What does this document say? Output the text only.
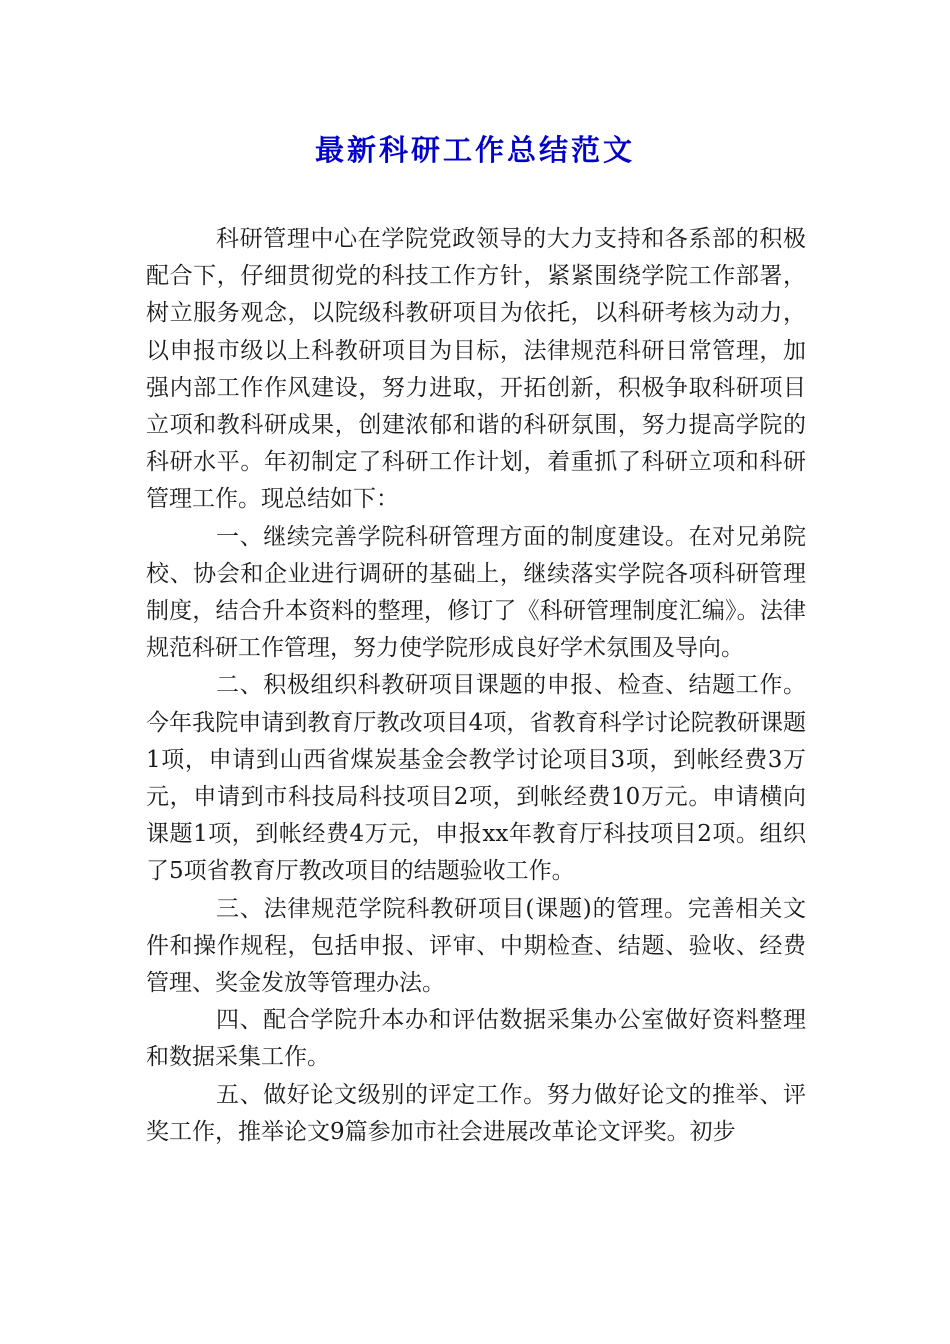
最新科研工作总结范文

科研管理中心在学院党政领导的大力支持和各系部的积极配合下，仔细贯彻党的科技工作方针，紧紧围绕学院工作部署，树立服务观念，以院级科教研项目为依托，以科研考核为动力，以申报市级以上科教研项目为目标，法律规范科研日常管理，加强内部工作作风建设，努力进取，开拓创新，积极争取科研项目立项和教科研成果，创建浓郁和谐的科研氛围，努力提高学院的科研水平。年初制定了科研工作计划，着重抓了科研立项和科研管理工作。现总结如下：

一、继续完善学院科研管理方面的制度建设。在对兄弟院校、协会和企业进行调研的基础上，继续落实学院各项科研管理制度，结合升本资料的整理，修订了《科研管理制度汇编》。法律规范科研工作管理，努力使学院形成良好学术氛围及导向。

二、积极组织科教研项目课题的申报、检查、结题工作。今年我院申请到教育厅教改项目4项，省教育科学讨论院教研课题1项，申请到山西省煤炭基金会教学讨论项目3项，到帐经费3万元，申请到市科技局科技项目2项，到帐经费10万元。申请横向课题1项，到帐经费4万元，申报xx年教育厅科技项目2项。组织了5项省教育厅教改项目的结题验收工作。

三、法律规范学院科教研项目(课题)的管理。完善相关文件和操作规程，包括申报、评审、中期检查、结题、验收、经费管理、奖金发放等管理办法。

四、配合学院升本办和评估数据采集办公室做好资料整理和数据采集工作。

五、做好论文级别的评定工作。努力做好论文的推举、评奖工作，推举论文9篇参加市社会进展改革论文评奖。初步
